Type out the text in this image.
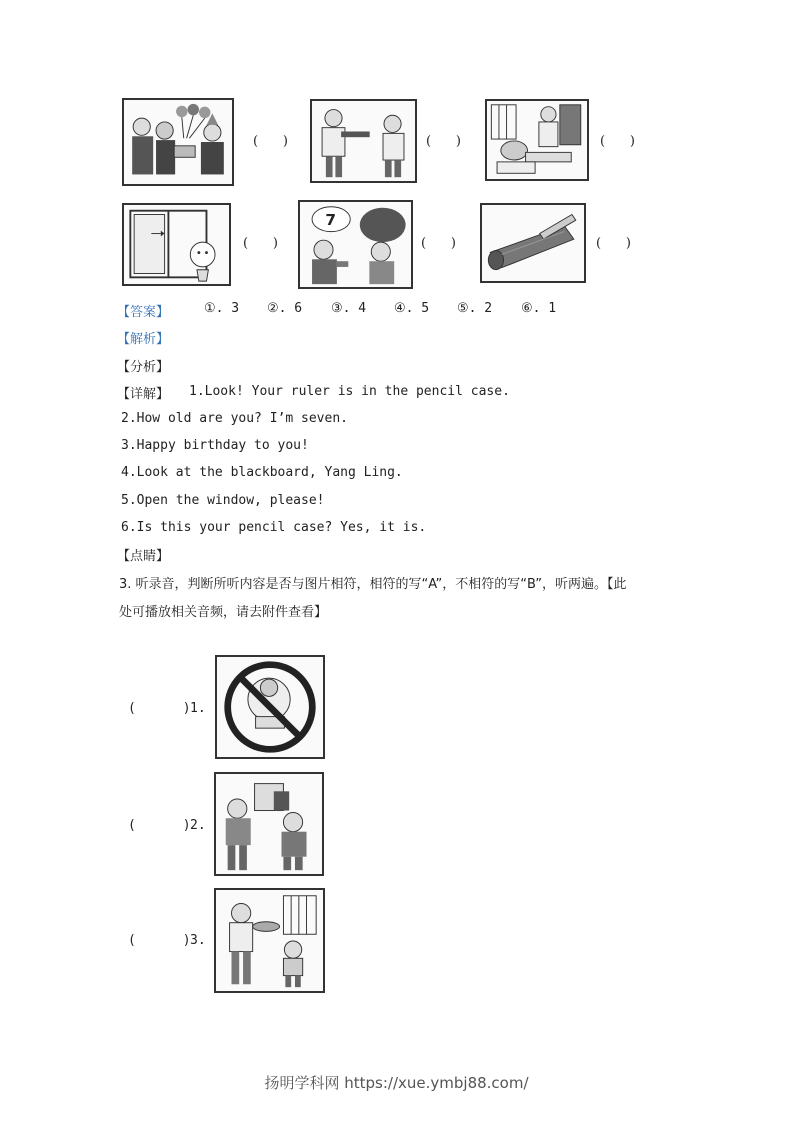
(      )	(      )	(      )
(      )
7
(      )	(      )
【答案】	①. 3 ②. 6 ③. 4 ④. 5 ⑤. 2 ⑥. 1
【解析】
【分析】
【详解】 1.Look! Your ruler is in the pencil case.
2.How old are you? I’m seven.
3.Happy birthday to you!
4.Look at the blackboard, Yang Ling.
5.Open the window, please!
6.Is this your pencil case? Yes, it is.
【点睛】
3. 听录音，判断所听内容是否与图片相符，相符的写“A”，不相符的写“B”，听两遍。【此
处可播放相关音频，请去附件查看】
(      ) 1.
(      ) 2.
(      ) 3.
扬明学科网 https://xue.ymbj88.com/
